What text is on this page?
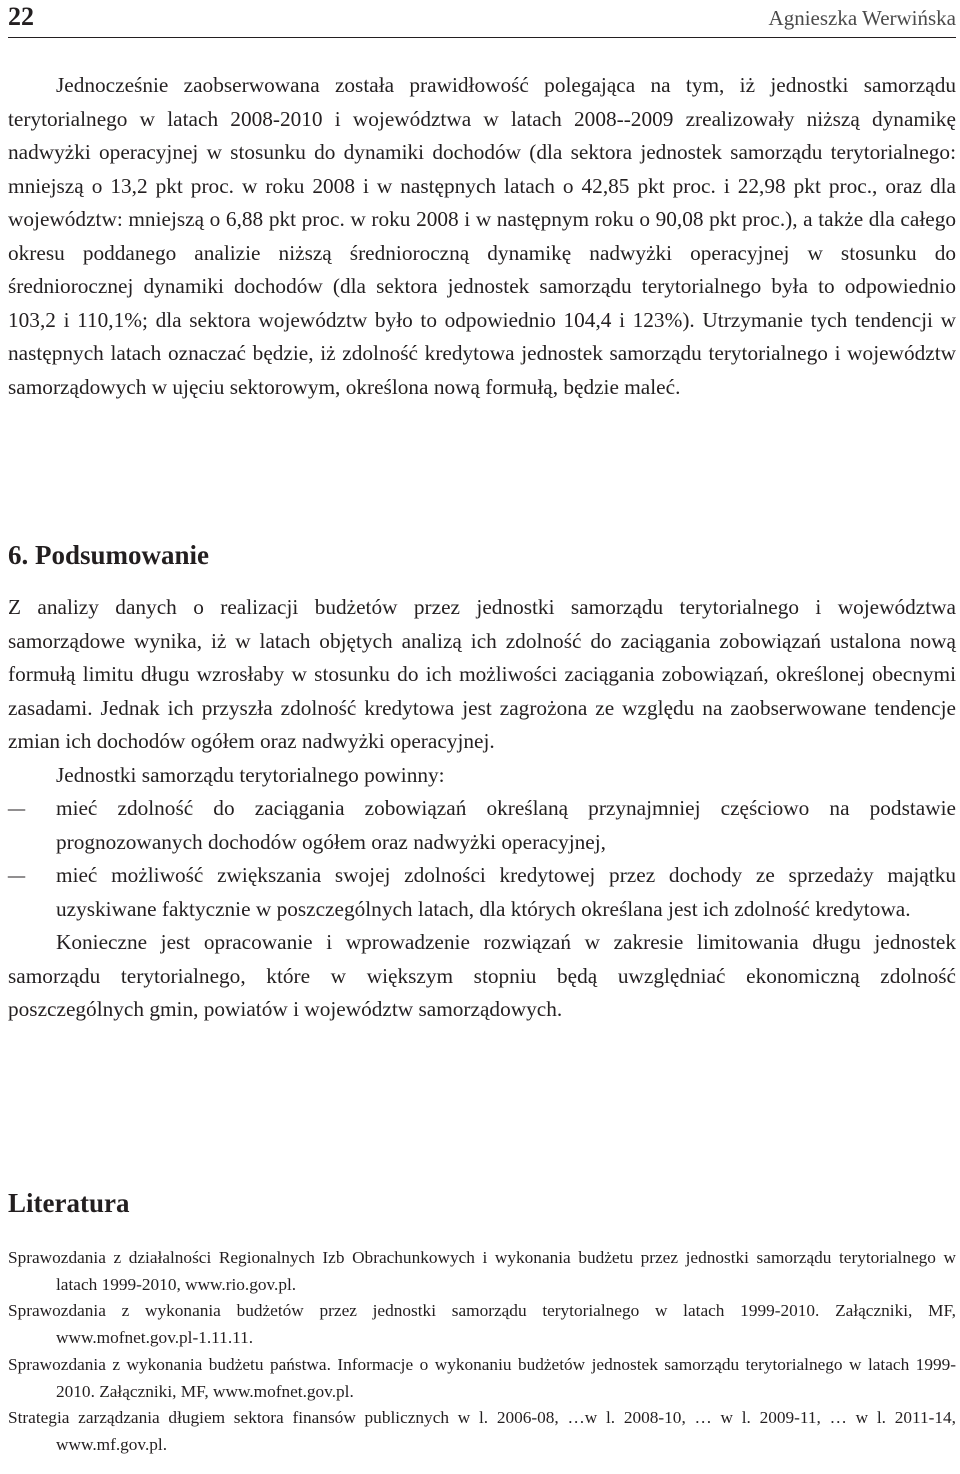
22	Agnieszka Werwińska

Jednocześnie zaobserwowana została prawidłowość polegająca na tym, iż jednostki samorządu terytorialnego w latach 2008-2010 i województwa w latach 2008--2009 zrealizowały niższą dynamikę nadwyżki operacyjnej w stosunku do dynamiki dochodów (dla sektora jednostek samorządu terytorialnego: mniejszą o 13,2 pkt proc. w roku 2008 i w następnych latach o 42,85 pkt proc. i 22,98 pkt proc., oraz dla województw: mniejszą o 6,88 pkt proc. w roku 2008 i w następnym roku o 90,08 pkt proc.), a także dla całego okresu poddanego analizie niższą średnioroczną dynamikę nadwyżki operacyjnej w stosunku do średniorocznej dynamiki dochodów (dla sektora jednostek samorządu terytorialnego była to odpowiednio 103,2 i 110,1%; dla sektora województw było to odpowiednio 104,4 i 123%). Utrzymanie tych tendencji w następnych latach oznaczać będzie, iż zdolność kredytowa jednostek samorządu terytorialnego i województw samorządowych w ujęciu sektorowym, określona nową formułą, będzie maleć.

6. Podsumowanie

Z analizy danych o realizacji budżetów przez jednostki samorządu terytorialnego i województwa samorządowe wynika, iż w latach objętych analizą ich zdolność do zaciągania zobowiązań ustalona nową formułą limitu długu wzrosłaby w stosunku do ich możliwości zaciągania zobowiązań, określonej obecnymi zasadami. Jednak ich przyszła zdolność kredytowa jest zagrożona ze względu na zaobserwowane tendencje zmian ich dochodów ogółem oraz nadwyżki operacyjnej.

Jednostki samorządu terytorialnego powinny:

– mieć zdolność do zaciągania zobowiązań określaną przynajmniej częściowo na podstawie prognozowanych dochodów ogółem oraz nadwyżki operacyjnej,
– mieć możliwość zwiększania swojej zdolności kredytowej przez dochody ze sprzedaży majątku uzyskiwane faktycznie w poszczególnych latach, dla których określana jest ich zdolność kredytowa.

Konieczne jest opracowanie i wprowadzenie rozwiązań w zakresie limitowania długu jednostek samorządu terytorialnego, które w większym stopniu będą uwzględniać ekonomiczną zdolność poszczególnych gmin, powiatów i województw samorządowych.

Literatura
Sprawozdania z działalności Regionalnych Izb Obrachunkowych i wykonania budżetu przez jednostki samorządu terytorialnego w latach 1999-2010, www.rio.gov.pl.
Sprawozdania z wykonania budżetów przez jednostki samorządu terytorialnego w latach 1999-2010. Załączniki, MF, www.mofnet.gov.pl-1.11.11.
Sprawozdania z wykonania budżetu państwa. Informacje o wykonaniu budżetów jednostek samorządu terytorialnego w latach 1999-2010. Załączniki, MF, www.mofnet.gov.pl.
Strategia zarządzania długiem sektora finansów publicznych w l. 2006-08, …w l. 2008-10, … w l. 2009-11, … w l. 2011-14, www.mf.gov.pl.
